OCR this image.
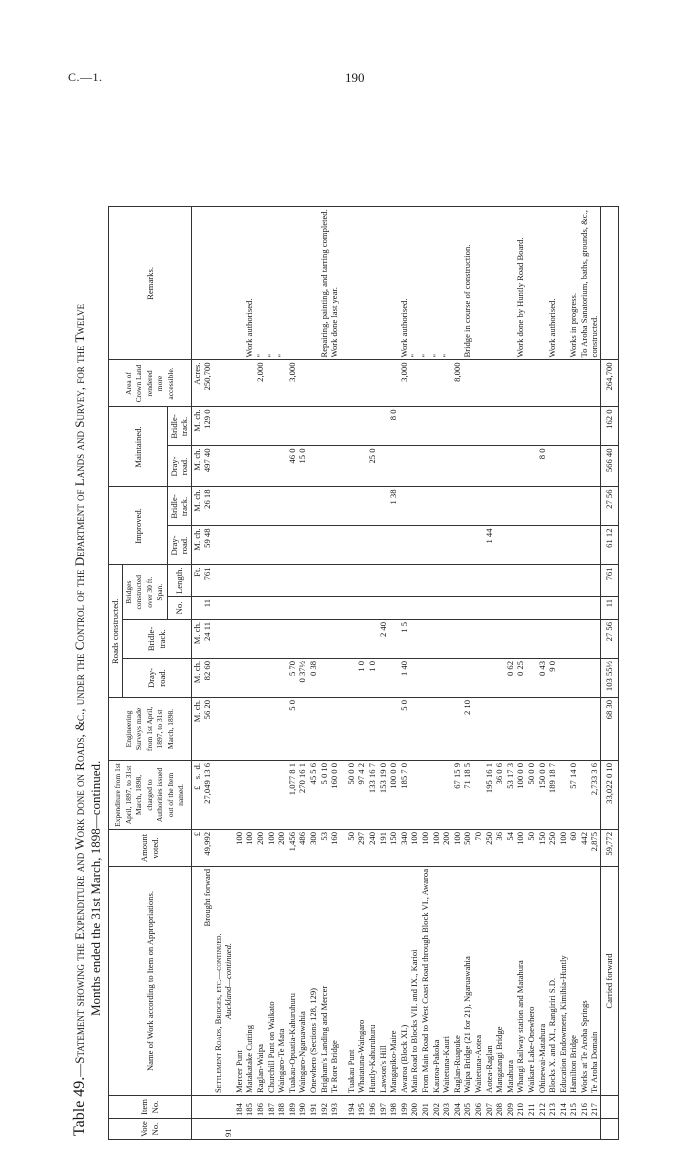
C.—1.	190
Table 49.—Statement showing the Expenditure and Work done on Roads, &c., under the Control of the Department of Lands and Survey, for the Twelve
Months ended the 31st March, 1898—continued.
Vote No.	Item No.	Name of Work according to Item on Appropriations.	Amount voted.	Expenditure from 1st April, 1897, to 31st March, 1898, charged to Authorities issued out of the Item named.	Engineering Surveys made from 1st April, 1897, to 31st March, 1898.	Roads constructed.				Improved.		Maintained.		Area of Crown Land rendered more accessible.	Remarks.
						Dray-road.	Bridle-track.	Bridges constructed over 30 ft. Span.							
								No.	Length.	Dray-road.	Bridle-track.	Dray-road.	Bridle-track.		
			£	£   s.  d.	M. ch.	M. ch.	M. ch.		Ft.	M. ch.	M. ch.	M. ch.	M. ch.	Acres.	
		Brought forward	49,992	27,049 13 6	56 20	82 60	24 11	11	761	59 48	26 18	497 40	129 0	250,700	
		Settlement Roads, Bridges, etc.—continued.													
91		Auckland—continued.													
	184	Mercer Punt	100												
	185	Matakatake Cutting	100												Work authorised.
	186	Raglan-Waipa	200											2,000	"
	187	Churchill Punt on Waikato	100												"
	188	Waingaro-Te Mata	200												"
	189	Tuakau-Opuatia-Kahuruhuru	1,456	1,077 8 1	5 0	5 70						46 0		3,000	
	190	Waingaro-Ngaruawahia	486	270 16 1		0 37½						15 0			
	191	Onewhero (Sections 128, 129)	300	45 5 6		0 38									
	192	Brigham's Landing and Mercer	53	5 0 10											Repairing, painting, and tarring completed.
	193	Te Rore Bridge	160	160 0 0											Work done last year.

	194	Tuakau Punt	50	50 0 0											
	195	Whatatuna-Waingaro	297	97 4 2		1 0									
	196	Huntly-Kahuruhuru	240	133 16 7		1 0						25 0			
	197	Lawson's Hill	191	153 19 0			2 40								
	198	Mangapiko-Maire	150	100 0 0							1 38		8 0		
	199	Awaroa (Block XI.)	340	185 7 0	5 0	1 40	1 5							3,000	Work authorised.
	200	Main Road to Blocks VII. and IX., Karioi	100												"
	201	From Main Road to West Coast Road through Block VI., Awaroa	100												"
	202	Kauroa-Pakoka	100												"
	203	Waitetuna-Kauri	200												"
	204	Raglan-Ruapuke	100	67 15 9										8,000	
	205	Waipa Bridge (21 for 21), Ngaruawahia	500	71 18 5	2 10										Bridge in course of construction.
	206	Waitetuna-Aotea	70												
	207	Aotea-Raglan	250	195 16 1						1 44					
	208	Mangatangi Bridge	36	36 0 6											
	209	Matahura	54	53 17 3		0 62									
	210	Whangi Railway station and Matahura	100	100 0 0		0 25									Work done by Huntly Road Board.
	211	Waikare Lake-Onewhero	50	50 0 0											
	212	Ohinewai-Matahura	150	150 0 0		0 43						8 0			
	213	Blocks X. and XI., Rangiriri S.D.	250	189 18 7		9 0									Work authorised.
	214	Education Endowment, Kimihia-Huntly	100												
	215	Hamilton Bridge	60	57 14 0											Works in progress.
	216	Works at Te Aroha Springs	442												To Aroha Sanatorium, baths, grounds, &c.,
	217	Te Aroha Domain	2,875	2,733 3 6											constructed.
		Carried forward	59,772	33,022 0 10	68 30	103 55½	27 56	11	761	61 12	27 56	566 40	162 0	264,700	
